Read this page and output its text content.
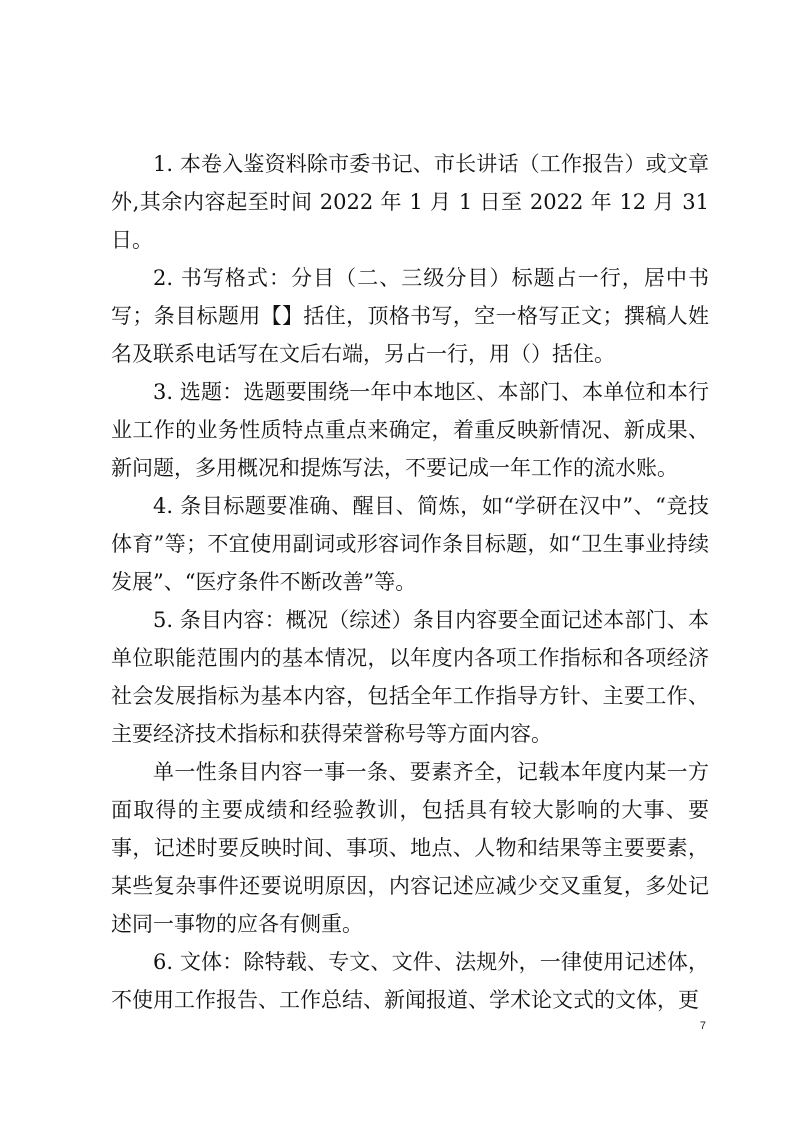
1. 本卷入鉴资料除市委书记、市长讲话（工作报告）或文章外,其余内容起至时间 2022 年 1 月 1 日至 2022 年 12 月 31 日。

2. 书写格式：分目（二、三级分目）标题占一行，居中书写；条目标题用【】括住，顶格书写，空一格写正文；撰稿人姓名及联系电话写在文后右端，另占一行，用（）括住。

3. 选题：选题要围绕一年中本地区、本部门、本单位和本行业工作的业务性质特点重点来确定，着重反映新情况、新成果、新问题，多用概况和提炼写法，不要记成一年工作的流水账。

4. 条目标题要准确、醒目、简炼，如“学研在汉中”、“竞技体育”等；不宜使用副词或形容词作条目标题，如“卫生事业持续发展”、“医疗条件不断改善”等。

5. 条目内容：概况（综述）条目内容要全面记述本部门、本单位职能范围内的基本情况，以年度内各项工作指标和各项经济社会发展指标为基本内容，包括全年工作指导方针、主要工作、主要经济技术指标和获得荣誉称号等方面内容。

单一性条目内容一事一条、要素齐全，记载本年度内某一方面取得的主要成绩和经验教训，包括具有较大影响的大事、要事，记述时要反映时间、事项、地点、人物和结果等主要要素，某些复杂事件还要说明原因，内容记述应减少交叉重复，多处记述同一事物的应各有侧重。

6. 文体：除特载、专文、文件、法规外，一律使用记述体，不使用工作报告、工作总结、新闻报道、学术论文式的文体，更

7
